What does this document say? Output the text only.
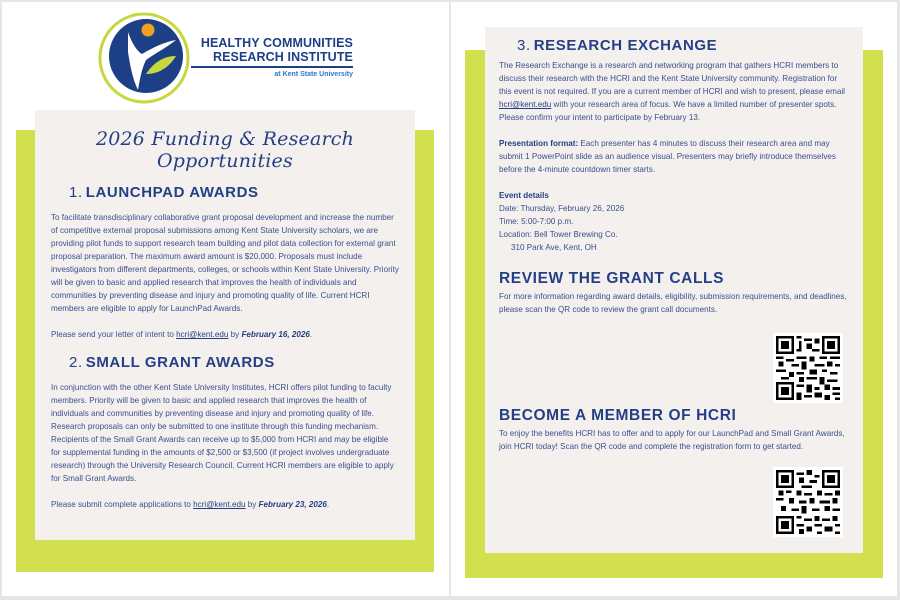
HEALTHY COMMUNITIES
RESEARCH INSTITUTE
at Kent State University
2026 Funding & Research Opportunities
1. LAUNCHPAD AWARDS

To facilitate transdisciplinary collaborative grant proposal development and increase the number of competitive external proposal submissions among Kent State University scholars, we are providing pilot funds to support research team building and pilot data collection for external grant proposal preparation. The maximum award amount is $20,000. Proposals must include investigators from different departments, colleges, or schools within Kent State University. Priority will be given to basic and applied research that improves the health of individuals and communities by preventing disease and injury and promoting quality of life. Current HCRI members are eligible to apply for LaunchPad Awards.

Please send your letter of intent to hcri@kent.edu by February 16, 2026.

2. SMALL GRANT AWARDS

In conjunction with the other Kent State University Institutes, HCRI offers pilot funding to faculty members. Priority will be given to basic and applied research that improves the health of individuals and communities by preventing disease and injury and promoting quality of life. Research proposals can only be submitted to one institute through this funding mechanism. Recipients of the Small Grant Awards can receive up to $5,000 from HCRI and may be eligible for supplemental funding in the amounts of $2,500 or $3,500 (if project involves undergraduate research) through the University Research Council. Current HCRI members are eligible to apply for Small Grant Awards.

Please submit complete applications to hcri@kent.edu by February 23, 2026.

3. RESEARCH EXCHANGE

The Research Exchange is a research and networking program that gathers HCRI members to discuss their research with the HCRI and the Kent State University community. Registration for this event is not required. If you are a current member of HCRI and wish to present, please email hcri@kent.edu with your research area of focus. We have a limited number of presenter spots. Please confirm your intent to participate by February 13.

Presentation format: Each presenter has 4 minutes to discuss their research area and may submit 1 PowerPoint slide as an audience visual. Presenters may briefly introduce themselves before the 4-minute countdown timer starts.

Event details
Date: Thursday, February 26, 2026
Time: 5:00-7:00 p.m.
Location: Bell Tower Brewing Co.
310 Park Ave, Kent, OH

REVIEW THE GRANT CALLS

For more information regarding award details, eligibility, submission requirements, and deadlines, please scan the QR code to review the grant call documents.

BECOME A MEMBER OF HCRI

To enjoy the benefits HCRI has to offer and to apply for our LaunchPad and Small Grant Awards, join HCRI today! Scan the QR code and complete the registration form to get started.
